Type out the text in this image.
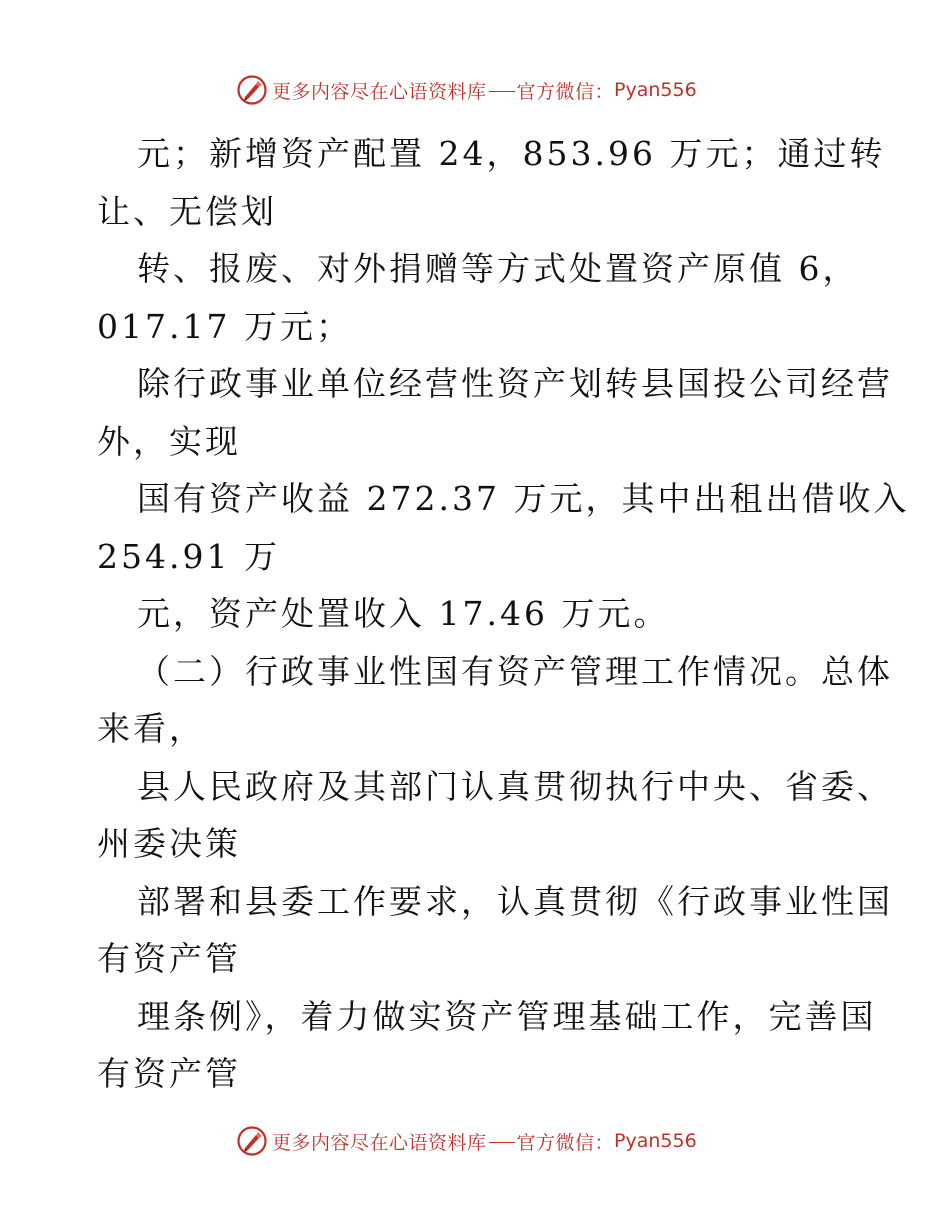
更多内容尽在心语资料库 官方微信： Pyan556
元；新增资产配置 24，853.96 万元；通过转
让、无偿划
转、报废、对外捐赠等方式处置资产原值 6，
017.17 万元；
除行政事业单位经营性资产划转县国投公司经营
外，实现
国有资产收益 272.37 万元，其中出租出借收入
254.91 万
元，资产处置收入 17.46 万元。
（二）行政事业性国有资产管理工作情况。总体
来看，
县人民政府及其部门认真贯彻执行中央、省委、
州委决策
部署和县委工作要求，认真贯彻《行政事业性国
有资产管
理条例》，着力做实资产管理基础工作，完善国
有资产管
更多内容尽在心语资料库 官方微信： Pyan556
